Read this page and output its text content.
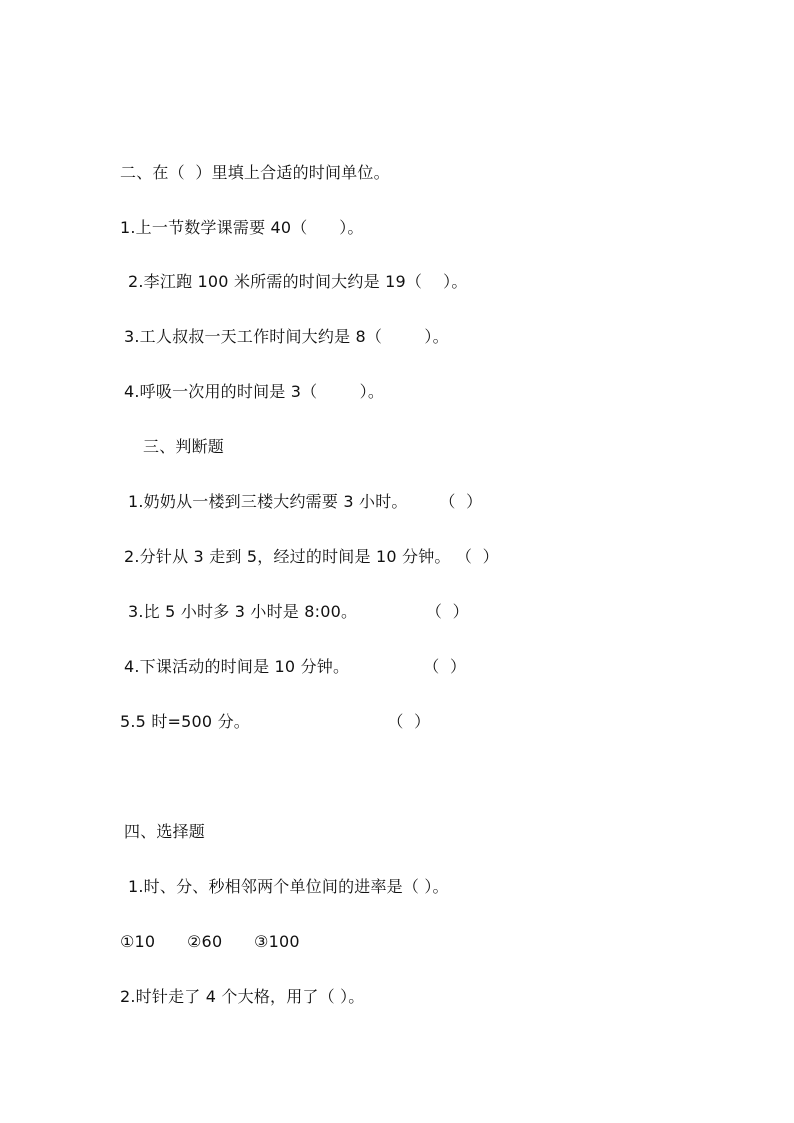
二、在（  ）里填上合适的时间单位。
1.上一节数学课需要 40（      ）。
2.李江跑 100 米所需的时间大约是 19（    ）。
3.工人叔叔一天工作时间大约是 8（        ）。
4.呼吸一次用的时间是 3（        ）。
三、判断题
1.奶奶从一楼到三楼大约需要 3 小时。      （  ）
2.分针从 3 走到 5，经过的时间是 10 分钟。 （  ）
3.比 5 小时多 3 小时是 8:00。             （  ）
4.下课活动的时间是 10 分钟。              （  ）
5.5 时=500 分。                          （  ）
四、选择题
1.时、分、秒相邻两个单位间的进率是（ ）。
①10      ②60      ③100
2.时针走了 4 个大格，用了（ ）。
